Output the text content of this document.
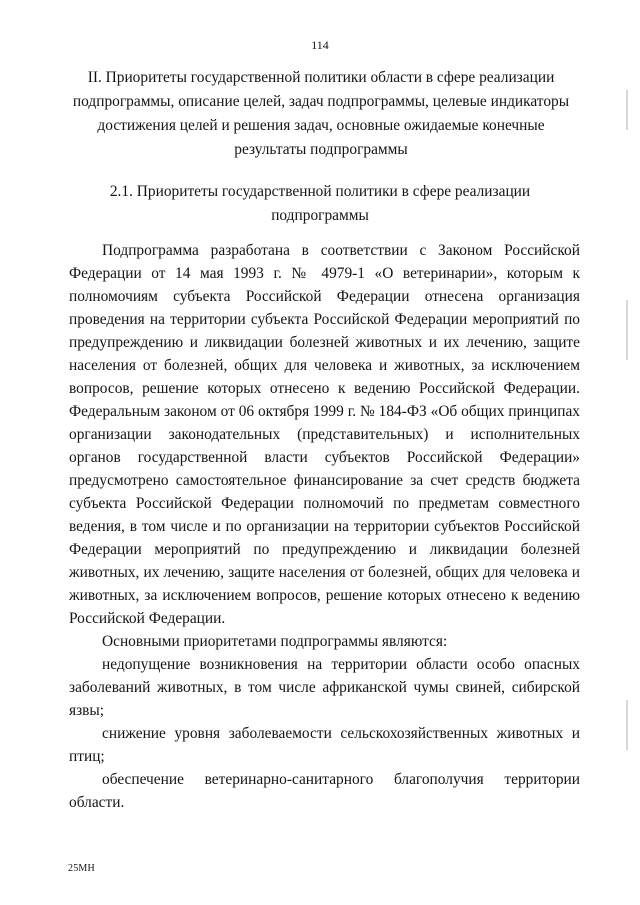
114
II. Приоритеты государственной политики области в сфере реализации подпрограммы, описание целей, задач подпрограммы, целевые индикаторы достижения целей и решения задач, основные ожидаемые конечные результаты подпрограммы
2.1. Приоритеты государственной политики в сфере реализации подпрограммы

Подпрограмма разработана в соответствии с Законом Российской Федерации от 14 мая 1993 г. № 4979-1 «О ветеринарии», которым к полномочиям субъекта Российской Федерации отнесена организация проведения на территории субъекта Российской Федерации мероприятий по предупреждению и ликвидации болезней животных и их лечению, защите населения от болезней, общих для человека и животных, за исключением вопросов, решение которых отнесено к ведению Российской Федерации. Федеральным законом от 06 октября 1999 г. № 184-ФЗ «Об общих принципах организации законодательных (представительных) и исполнительных органов государственной власти субъектов Российской Федерации» предусмотрено самостоятельное финансирование за счет средств бюджета субъекта Российской Федерации полномочий по предметам совместного ведения, в том числе и по организации на территории субъектов Российской Федерации мероприятий по предупреждению и ликвидации болезней животных, их лечению, защите населения от болезней, общих для человека и животных, за исключением вопросов, решение которых отнесено к ведению Российской Федерации.

Основными приоритетами подпрограммы являются:

недопущение возникновения на территории области особо опасных заболеваний животных, в том числе африканской чумы свиней, сибирской язвы;

снижение уровня заболеваемости сельскохозяйственных животных и птиц;

обеспечение ветеринарно-санитарного благополучия территории области.

25МН
